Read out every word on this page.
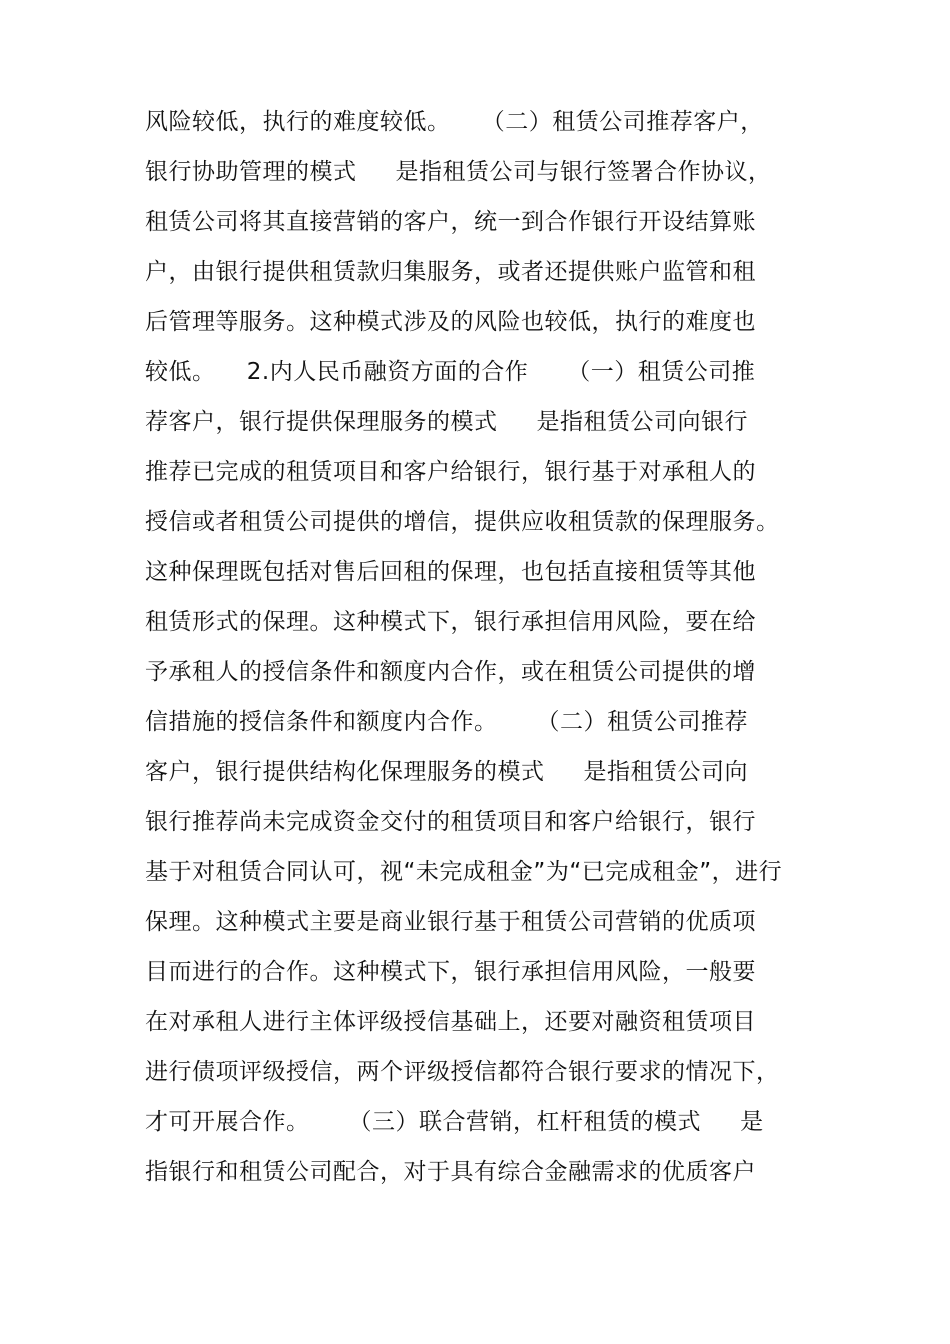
风险较低，执行的难度较低。    （二）租赁公司推荐客户，
银行协助管理的模式     是指租赁公司与银行签署合作协议，
租赁公司将其直接营销的客户，统一到合作银行开设结算账
户，由银行提供租赁款归集服务，或者还提供账户监管和租
后管理等服务。这种模式涉及的风险也较低，执行的难度也
较低。    2.内人民币融资方面的合作     （一）租赁公司推
荐客户，银行提供保理服务的模式     是指租赁公司向银行
推荐已完成的租赁项目和客户给银行，银行基于对承租人的
授信或者租赁公司提供的增信，提供应收租赁款的保理服务。
这种保理既包括对售后回租的保理，也包括直接租赁等其他
租赁形式的保理。这种模式下，银行承担信用风险，要在给
予承租人的授信条件和额度内合作，或在租赁公司提供的增
信措施的授信条件和额度内合作。     （二）租赁公司推荐
客户，银行提供结构化保理服务的模式     是指租赁公司向
银行推荐尚未完成资金交付的租赁项目和客户给银行，银行
基于对租赁合同认可，视“未完成租金”为“已完成租金”，进行
保理。这种模式主要是商业银行基于租赁公司营销的优质项
目而进行的合作。这种模式下，银行承担信用风险，一般要
在对承租人进行主体评级授信基础上，还要对融资租赁项目
进行债项评级授信，两个评级授信都符合银行要求的情况下，
才可开展合作。     （三）联合营销，杠杆租赁的模式     是
指银行和租赁公司配合，对于具有综合金融需求的优质客户
